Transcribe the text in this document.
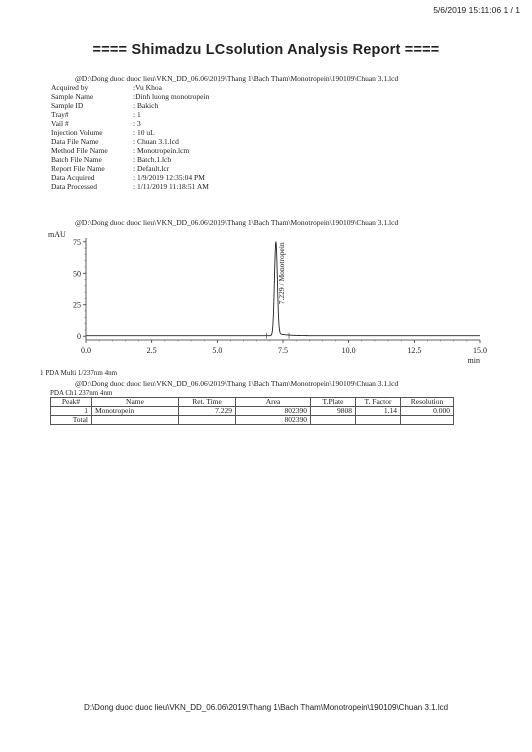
5/6/2019 15:11:06 1 / 1
==== Shimadzu LCsolution Analysis Report ====
@D:\Dong duoc duoc lieu\VKN_DD_06.06\2019\Thang 1\Bach Tham\Monotropein\190109\Chuan 3.1.lcd
Acquired by	:Vu Khoa
Sample Name	:Dinh luong monotropein
Sample ID	: Bakich
Tray#	: 1
Vail #	: 3
Injection Volume	: 10 uL
Data File Name	: Chuan 3.1.lcd
Method File Name	: Monotropein.lcm
Batch File Name	: Batch.1.lcb
Report File Name	: Default.lcr
Data Acquired	: 1/9/2019 12:35:04 PM
Data Processed	: 1/11/2019 11:18:51 AM
@D:\Dong duoc duoc lieu\VKN_DD_06.06\2019\Thang 1\Bach Tham\Monotropein\190109\Chuan 3.1.lcd
0
25
50
75
0.0	2.5	5.0	7.5	10.0	12.5	15.0
mAU
min
7.229 / Monotropein
1 PDA Multi 1/237nm 4nm
@D:\Dong duoc duoc lieu\VKN_DD_06.06\2019\Thang 1\Bach Tham\Monotropein\190109\Chuan 3.1.lcd
PDA Ch1 237nm 4nm
Peak#	Name	Ret. Time	Area	T.Plate	T. Factor	Resolution
1	Monotropein	7.229	802390	9808	1.14	0.000
Total			802390			
D:\Dong duoc duoc lieu\VKN_DD_06.06\2019\Thang 1\Bach Tham\Monotropein\190109\Chuan 3.1.lcd
